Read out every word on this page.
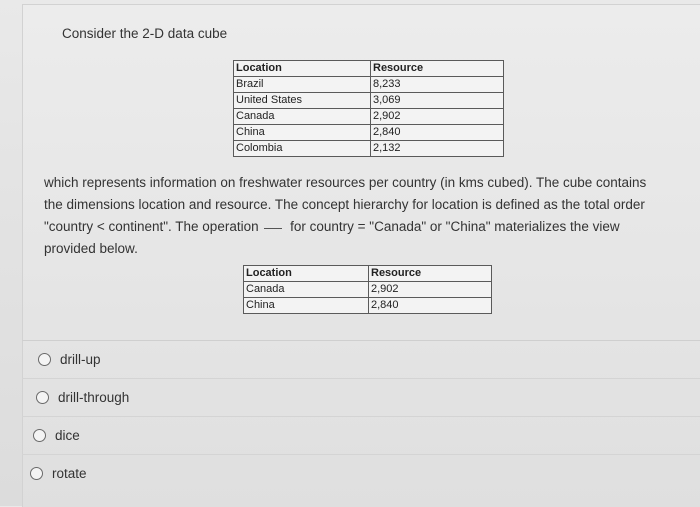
Consider the 2-D data cube
Location	Resource
Brazil	8,233
United States	3,069
Canada	2,902
China	2,840
Colombia	2,132
which represents information on freshwater resources per country (in kms cubed). The cube contains
the dimensions location and resource. The concept hierarchy for location is defined as the total order
"country < continent". The operation for country = "Canada" or "China" materializes the view
provided below.
Location	Resource
Canada	2,902
China	2,840
drill-up
drill-through
dice
rotate
